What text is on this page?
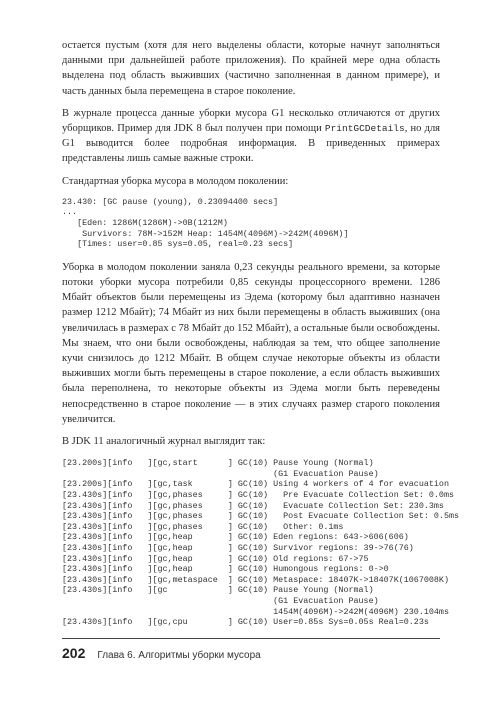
остается пустым (хотя для него выделены области, которые начнут заполняться данными при дальнейшей работе приложения). По крайней мере одна область выделена под область выживших (частично заполненная в данном примере), и часть данных была перемещена в старое поколение.

В журнале процесса данные уборки мусора G1 несколько отличаются от других уборщиков. Пример для JDK 8 был получен при помощи PrintGCDetails, но для G1 выводится более подробная информация. В приведенных примерах представлены лишь самые важные строки.

Стандартная уборка мусора в молодом поколении:

23.430: [GC pause (young), 0.23094400 secs]
...
[Eden: 1286M(1286M)->0B(1212M)
Survivors: 78M->152M Heap: 1454M(4096M)->242M(4096M)]
[Times: user=0.85 sys=0.05, real=0.23 secs]

Уборка в молодом поколении заняла 0,23 секунды реального времени, за которые потоки уборки мусора потребили 0,85 секунды процессорного времени. 1286 Мбайт объектов были перемещены из Эдема (которому был адаптивно назначен размер 1212 Мбайт); 74 Мбайт из них были перемещены в область выживших (она увеличилась в размерах с 78 Мбайт до 152 Мбайт), а остальные были освобождены. Мы знаем, что они были освобождены, наблюдая за тем, что общее заполнение кучи снизилось до 1212 Мбайт. В общем случае некоторые объекты из области выживших могли быть перемещены в старое поколение, а если область выживших была переполнена, то некоторые объекты из Эдема могли быть переведены непосредственно в старое поколение — в этих случаях размер старого поколения увеличится.

В JDK 11 аналогичный журнал выглядит так:

[23.200s][info   ][gc,start      ] GC(10) Pause Young (Normal)
(G1 Evacuation Pause)
[23.200s][info   ][gc,task       ] GC(10) Using 4 workers of 4 for evacuation
[23.430s][info   ][gc,phases     ] GC(10)   Pre Evacuate Collection Set: 0.0ms
[23.430s][info   ][gc,phases     ] GC(10)   Evacuate Collection Set: 230.3ms
[23.430s][info   ][gc,phases     ] GC(10)   Post Evacuate Collection Set: 0.5ms
[23.430s][info   ][gc,phases     ] GC(10)   Other: 0.1ms
[23.430s][info   ][gc,heap       ] GC(10) Eden regions: 643->606(606)
[23.430s][info   ][gc,heap       ] GC(10) Survivor regions: 39->76(76)
[23.430s][info   ][gc,heap       ] GC(10) Old regions: 67->75
[23.430s][info   ][gc,heap       ] GC(10) Humongous regions: 0->0
[23.430s][info   ][gc,metaspace  ] GC(10) Metaspace: 18407K->18407K(1067008K)
[23.430s][info   ][gc            ] GC(10) Pause Young (Normal)
(G1 Evacuation Pause)
1454M(4096M)->242M(4096M) 230.104ms
[23.430s][info   ][gc,cpu        ] GC(10) User=0.85s Sys=0.05s Real=0.23s
202 Глава 6. Алгоритмы уборки мусора
